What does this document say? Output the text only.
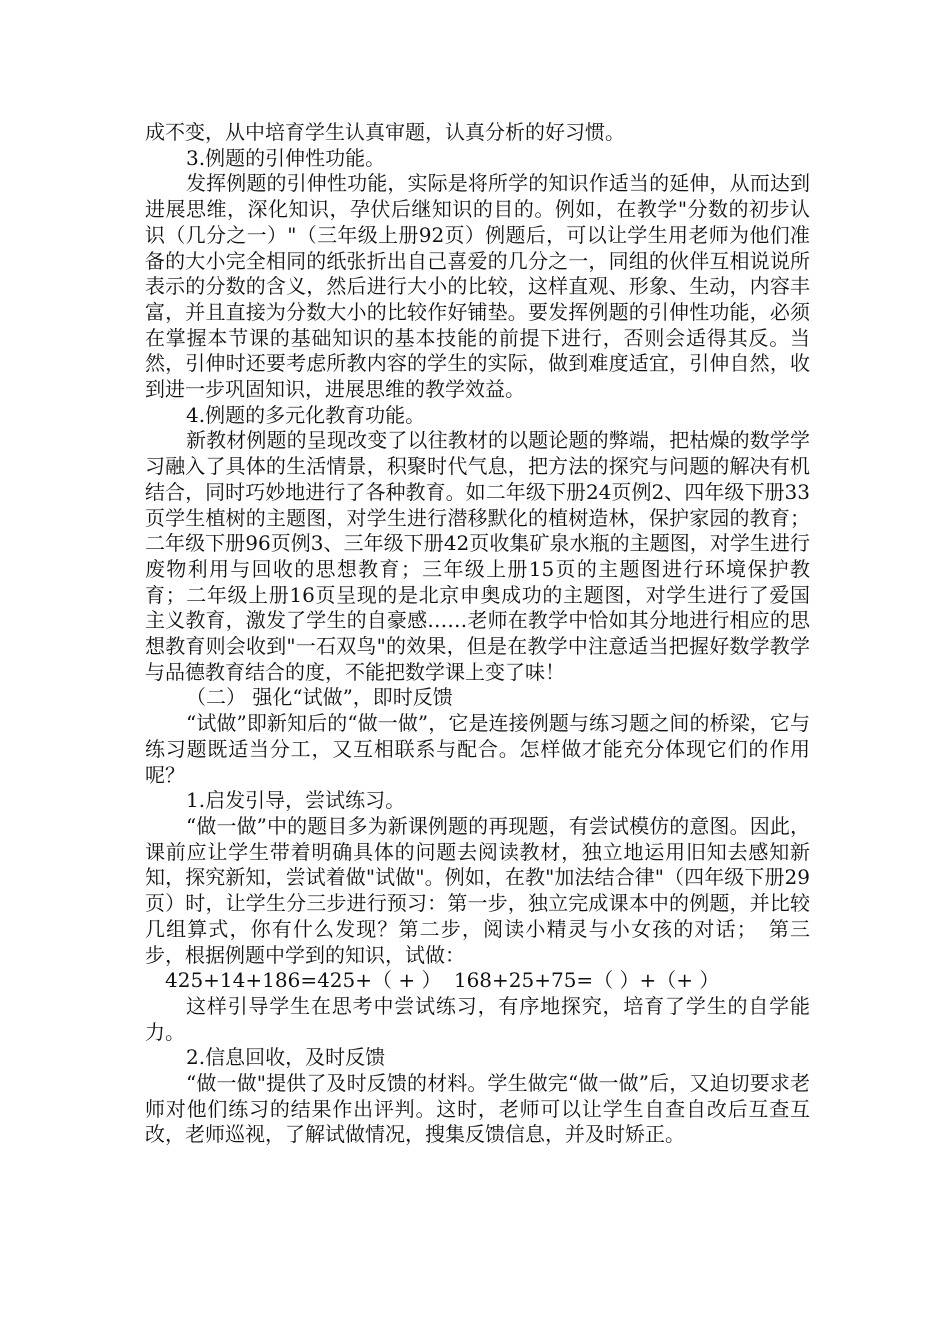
成不变，从中培育学生认真审题，认真分析的好习惯。

3.例题的引伸性功能。

发挥例题的引伸性功能，实际是将所学的知识作适当的延伸，从而达到进展思维，深化知识，孕伏后继知识的目的。例如，在教学"分数的初步认识（几分之一）"（三年级上册92页）例题后，可以让学生用老师为他们准备的大小完全相同的纸张折出自己喜爱的几分之一，同组的伙伴互相说说所表示的分数的含义，然后进行大小的比较，这样直观、形象、生动，内容丰富，并且直接为分数大小的比较作好铺垫。要发挥例题的引伸性功能，必须在掌握本节课的基础知识的基本技能的前提下进行，否则会适得其反。当然，引伸时还要考虑所教内容的学生的实际，做到难度适宜，引伸自然，收到进一步巩固知识，进展思维的教学效益。

4.例题的多元化教育功能。

新教材例题的呈现改变了以往教材的以题论题的弊端，把枯燥的数学学习融入了具体的生活情景，积聚时代气息，把方法的探究与问题的解决有机结合，同时巧妙地进行了各种教育。如二年级下册24页例2、四年级下册33页学生植树的主题图，对学生进行潜移默化的植树造林，保护家园的教育；二年级下册96页例3、三年级下册42页收集矿泉水瓶的主题图，对学生进行废物利用与回收的思想教育；三年级上册15页的主题图进行环境保护教育；二年级上册16页呈现的是北京申奥成功的主题图，对学生进行了爱国主义教育，激发了学生的自豪感……老师在教学中恰如其分地进行相应的思想教育则会收到"一石双鸟"的效果，但是在教学中注意适当把握好数学教学与品德教育结合的度，不能把数学课上变了味！

（二） 强化“试做”，即时反馈

“试做”即新知后的“做一做”，它是连接例题与练习题之间的桥梁，它与练习题既适当分工，又互相联系与配合。怎样做才能充分体现它们的作用呢？

1.启发引导，尝试练习。

“做一做”中的题目多为新课例题的再现题，有尝试模仿的意图。因此，课前应让学生带着明确具体的问题去阅读教材，独立地运用旧知去感知新知，探究新知，尝试着做"试做"。例如，在教"加法结合律"（四年级下册29页）时，让学生分三步进行预习：第一步，独立完成课本中的例题，并比较几组算式，你有什么发现？第二步，阅读小精灵与小女孩的对话；　第三步，根据例题中学到的知识，试做：

425+14+186=425+（ + ） 168+25+75=（ ）+（+ ）

这样引导学生在思考中尝试练习，有序地探究，培育了学生的自学能力。

2.信息回收，及时反馈

“做一做"提供了及时反馈的材料。学生做完“做一做”后，又迫切要求老师对他们练习的结果作出评判。这时，老师可以让学生自查自改后互查互改，老师巡视，了解试做情况，搜集反馈信息，并及时矫正。
